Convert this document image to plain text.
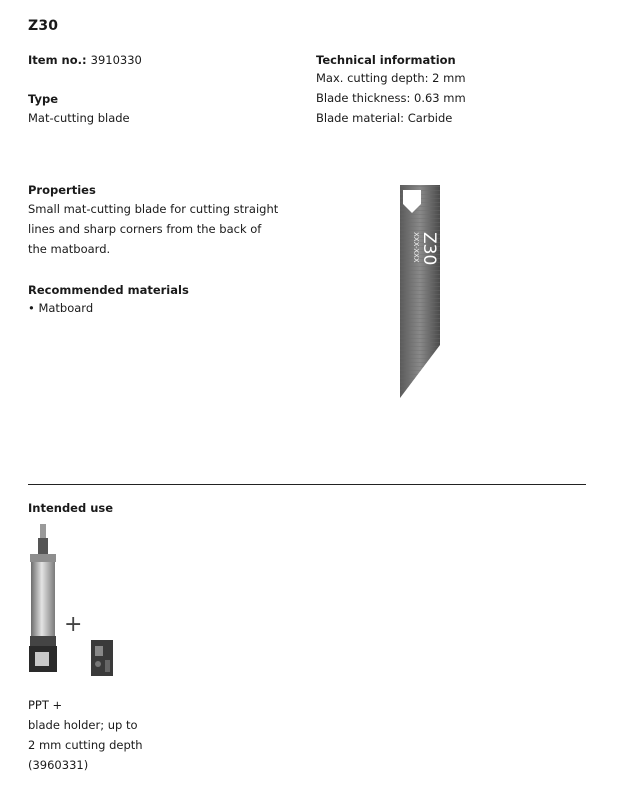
Z30
Item no.: 3910330
Type
Mat-cutting blade
Technical information
Max. cutting depth: 2 mm
Blade thickness: 0.63 mm
Blade material: Carbide
Properties
Small mat-cutting blade for cutting straight
lines and sharp corners from the back of
the matboard.
Recommended materials
• Matboard
Z30
XXX-XXX
Intended use
+
PPT +
blade holder; up to
2 mm cutting depth
(3960331)
